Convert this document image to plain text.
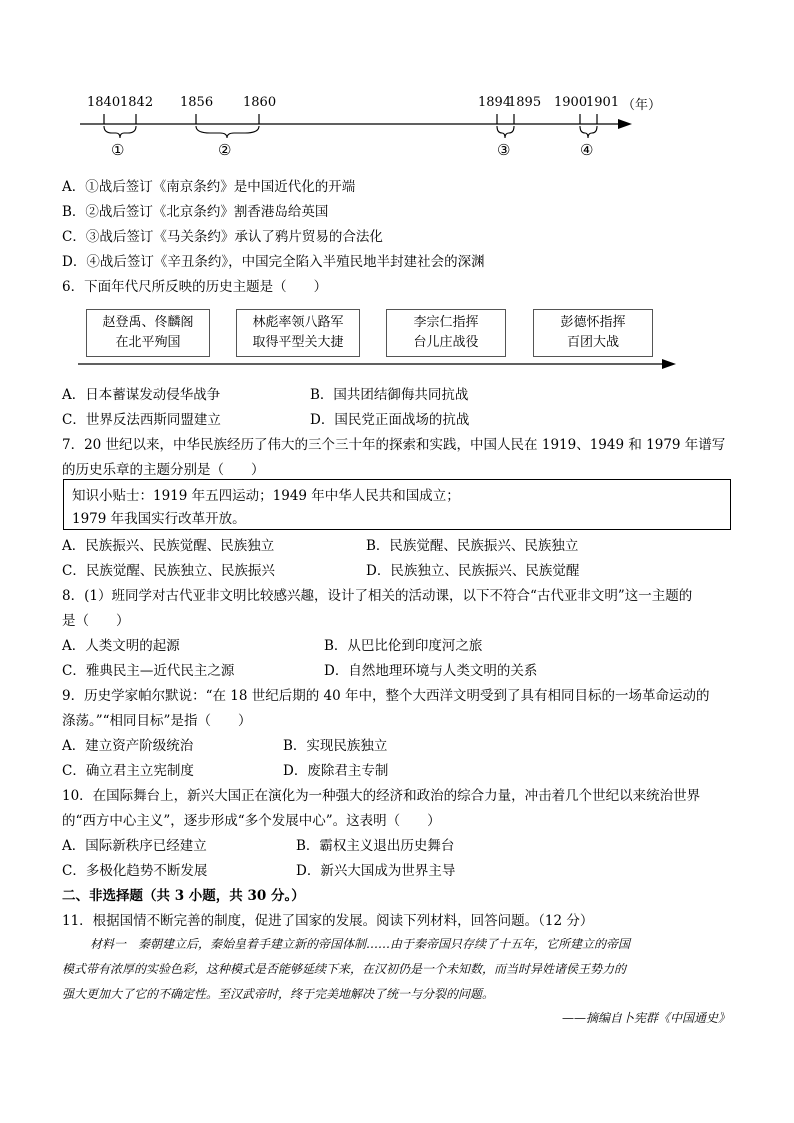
1840 1842 1856 1860	1894
1895 1900
1901 （年）
①	②	③	④
A．①战后签订《南京条约》是中国近代化的开端
B．②战后签订《北京条约》割香港岛给英国
C．③战后签订《马关条约》承认了鸦片贸易的合法化
D．④战后签订《辛丑条约》，中国完全陷入半殖民地半封建社会的深渊
6．下面年代尺所反映的历史主题是（　　）
赵登禹、佟麟阁
在北平殉国
林彪率领八路军
取得平型关大捷
李宗仁指挥
台儿庄战役
彭德怀指挥
百团大战
A．日本蓄谋发动侵华战争	B．国共团结御侮共同抗战
C．世界反法西斯同盟建立	D．国民党正面战场的抗战
7．20 世纪以来，中华民族经历了伟大的三个三十年的探索和实践，中国人民在 1919、1949 和 1979 年谱写
的历史乐章的主题分别是（　　）
知识小贴士：1919 年五四运动；1949 年中华人民共和国成立；
1979 年我国实行改革开放。
A．民族振兴、民族觉醒、民族独立	B．民族觉醒、民族振兴、民族独立
C．民族觉醒、民族独立、民族振兴	D．民族独立、民族振兴、民族觉醒
8．(1）班同学对古代亚非文明比较感兴趣，设计了相关的活动课，以下不符合“古代亚非文明”这一主题的
是（　　）
A．人类文明的起源	B．从巴比伦到印度河之旅
C．雅典民主—近代民主之源	D．自然地理环境与人类文明的关系
9．历史学家帕尔默说：“在 18 世纪后期的 40 年中，整个大西洋文明受到了具有相同目标的一场革命运动的
涤荡。”“相同目标”是指（　　）
A．建立资产阶级统治	B．实现民族独立
C．确立君主立宪制度	D．废除君主专制
10．在国际舞台上，新兴大国正在演化为一种强大的经济和政治的综合力量，冲击着几个世纪以来统治世界
的“西方中心主义”，逐步形成“多个发展中心”。这表明（　　）
A．国际新秩序已经建立	B．霸权主义退出历史舞台
C．多极化趋势不断发展	D．新兴大国成为世界主导
二、非选择题（共 3 小题，共 30 分。）
11．根据国情不断完善的制度，促进了国家的发展。阅读下列材料，回答问题。（12 分）
材料一　秦朝建立后，秦始皇着手建立新的帝国体制……由于秦帝国只存续了十五年，它所建立的帝国
模式带有浓厚的实验色彩，这种模式是否能够延续下来，在汉初仍是一个未知数，而当时异姓诸侯王势力的
强大更加大了它的不确定性。至汉武帝时，终于完美地解决了统一与分裂的问题。
——摘编自卜宪群《中国通史》
